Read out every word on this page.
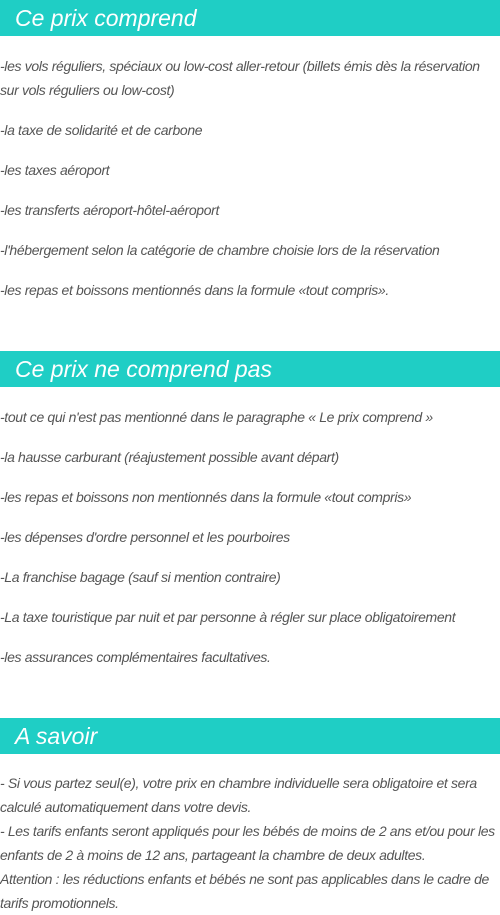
Ce prix comprend
-les vols réguliers, spéciaux ou low-cost aller-retour (billets émis dès la réservation sur vols réguliers ou low-cost)
-la taxe de solidarité et de carbone
-les taxes aéroport
-les transferts aéroport-hôtel-aéroport
-l'hébergement selon la catégorie de chambre choisie lors de la réservation
-les repas et boissons mentionnés dans la formule «tout compris».
Ce prix ne comprend pas
-tout ce qui n'est pas mentionné dans le paragraphe « Le prix comprend »
-la hausse carburant (réajustement possible avant départ)
-les repas et boissons non mentionnés dans la formule «tout compris»
-les dépenses d'ordre personnel et les pourboires
-La franchise bagage (sauf si mention contraire)
-La taxe touristique par nuit et par personne à régler sur place obligatoirement
-les assurances complémentaires facultatives.
A savoir

- Si vous partez seul(e), votre prix en chambre individuelle sera obligatoire et sera calculé automatiquement dans votre devis.

- Les tarifs enfants seront appliqués pour les bébés de moins de 2 ans et/ou pour les enfants de 2 à moins de 12 ans, partageant la chambre de deux adultes.

Attention : les réductions enfants et bébés ne sont pas applicables dans le cadre de tarifs promotionnels.
